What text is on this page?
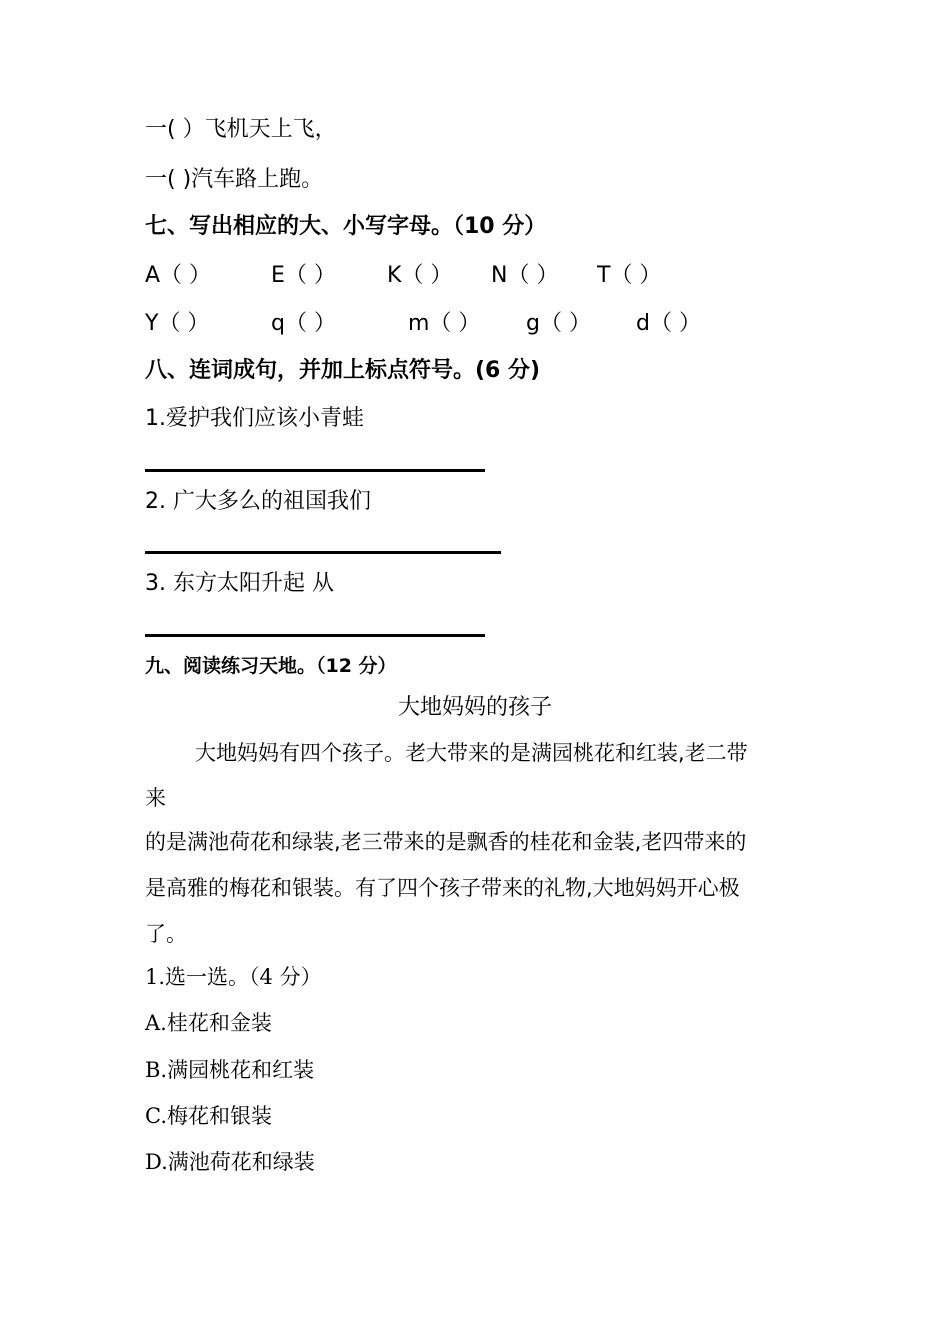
一( ）飞机天上飞，
一( )汽车路上跑。
七、写出相应的大、小写字母。（10 分）
A（ ）	E（ ） K（ ） N（ ） T（ ）
Y（ ）	q（ ）	m（ ） g（ ） d（ ）
八、连词成句，并加上标点符号。(6 分)
1.爱护我们应该小青蛙
2. 广大多么的祖国我们
3. 东方太阳升起 从
九、阅读练习天地。（12 分）
大地妈妈的孩子
大地妈妈有四个孩子。老大带来的是满园桃花和红装,老二带
来
的是满池荷花和绿装,老三带来的是飘香的桂花和金装,老四带来的
是高雅的梅花和银装。有了四个孩子带来的礼物,大地妈妈开心极
了。
1.选一选。（4 分）
A.桂花和金装
B.满园桃花和红装
C.梅花和银装
D.满池荷花和绿装
